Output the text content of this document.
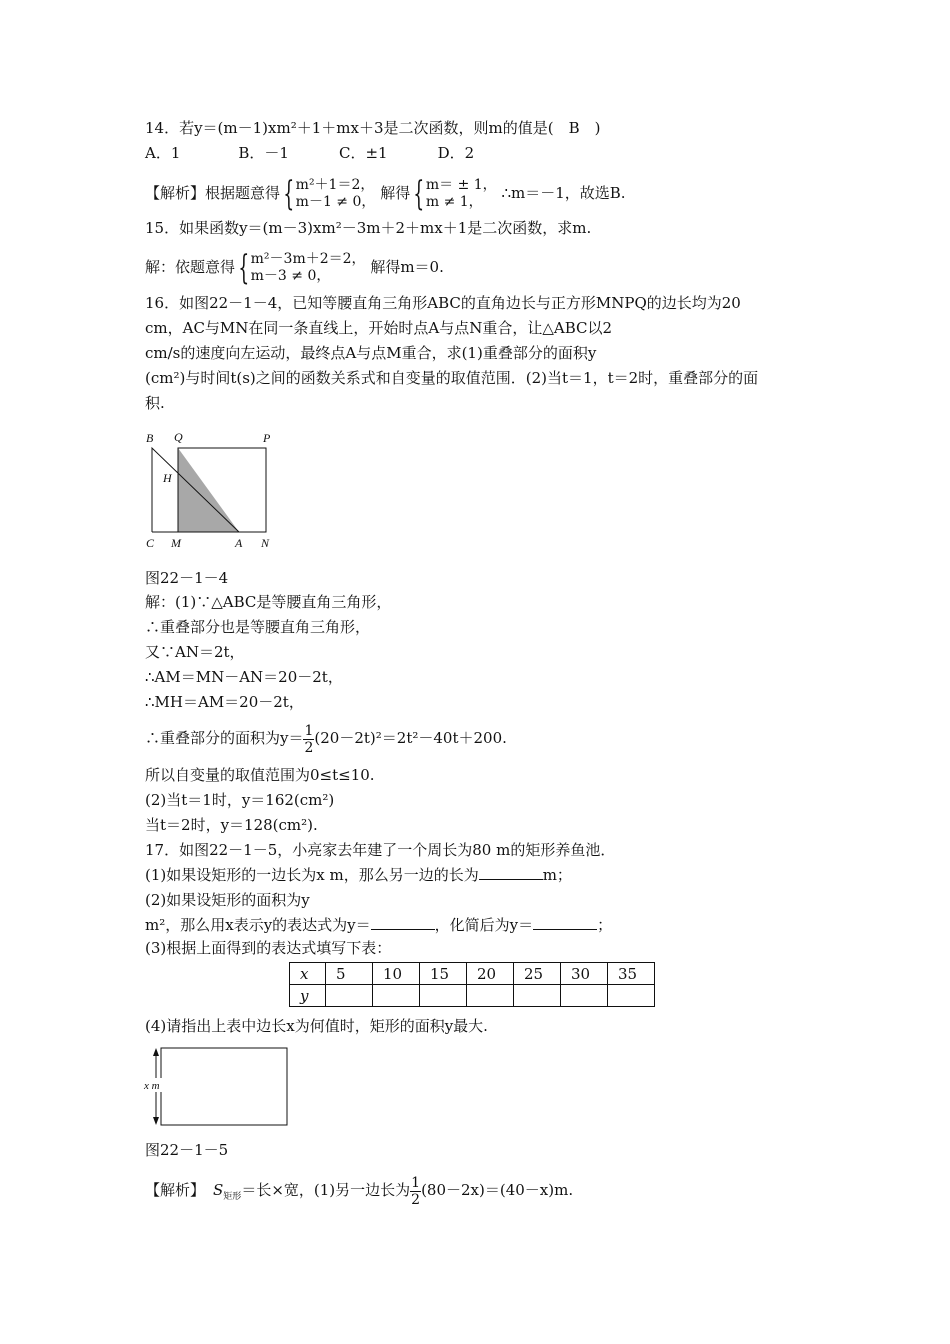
14．若y＝(m－1)xm²＋1＋mx＋3是二次函数，则m的值是(　B　)
A．1	B．－1	C．±1	D．2
【解析】根据题意得 {m²＋1＝2，
m－1 ≠ 0， 解得 {m＝ ± 1，
m ≠ 1， ∴m＝－1，故选B.
15．如果函数y＝(m－3)xm²－3m＋2＋mx＋1是二次函数，求m.
解：依题意得 {m²－3m＋2＝2，
m－3 ≠ 0，	解得m＝0.
16．如图22－1－4，已知等腰直角三角形ABC的直角边长与正方形MNPQ的边长均为20
cm，AC与MN在同一条直线上，开始时点A与点N重合，让△ABC以2
cm/s的速度向左运动，最终点A与点M重合，求(1)重叠部分的面积y
(cm²)与时间t(s)之间的函数关系式和自变量的取值范围．(2)当t＝1，t＝2时，重叠部分的面
积.
B Q	P
H
C M	A N
图22－1－4
解：(1)∵△ABC是等腰直角三角形，
∴重叠部分也是等腰直角三角形，
又∵AN＝2t，
∴AM＝MN－AN＝20－2t，
∴MH＝AM＝20－2t，
∴重叠部分的面积为$y= \frac{1}{2} (20-2t)^2=2t^2-40t+200$.
所以自变量的取值范围为0≤t≤10.
(2)当t＝1时，y＝162(cm²)
当t＝2时，y＝128(cm²).
17．如图22－1－5，小亮家去年建了一个周长为80 m的矩形养鱼池．
(1)如果设矩形的一边长为x m，那么另一边的长为	m；
(2)如果设矩形的面积为y
m²，那么用x表示y的表达式为y＝	，化简后为y＝	；
(3)根据上面得到的表达式填写下表：
x	5	10	15	20	25	30	35
y							
(4)请指出上表中边长x为何值时，矩形的面积y最大.
x m
图22－1－5
【解析】 $S_{矩形}=$长×宽，(1)另一边长为 $\frac{1}{2} (80-2x)=(40-x)m$.
